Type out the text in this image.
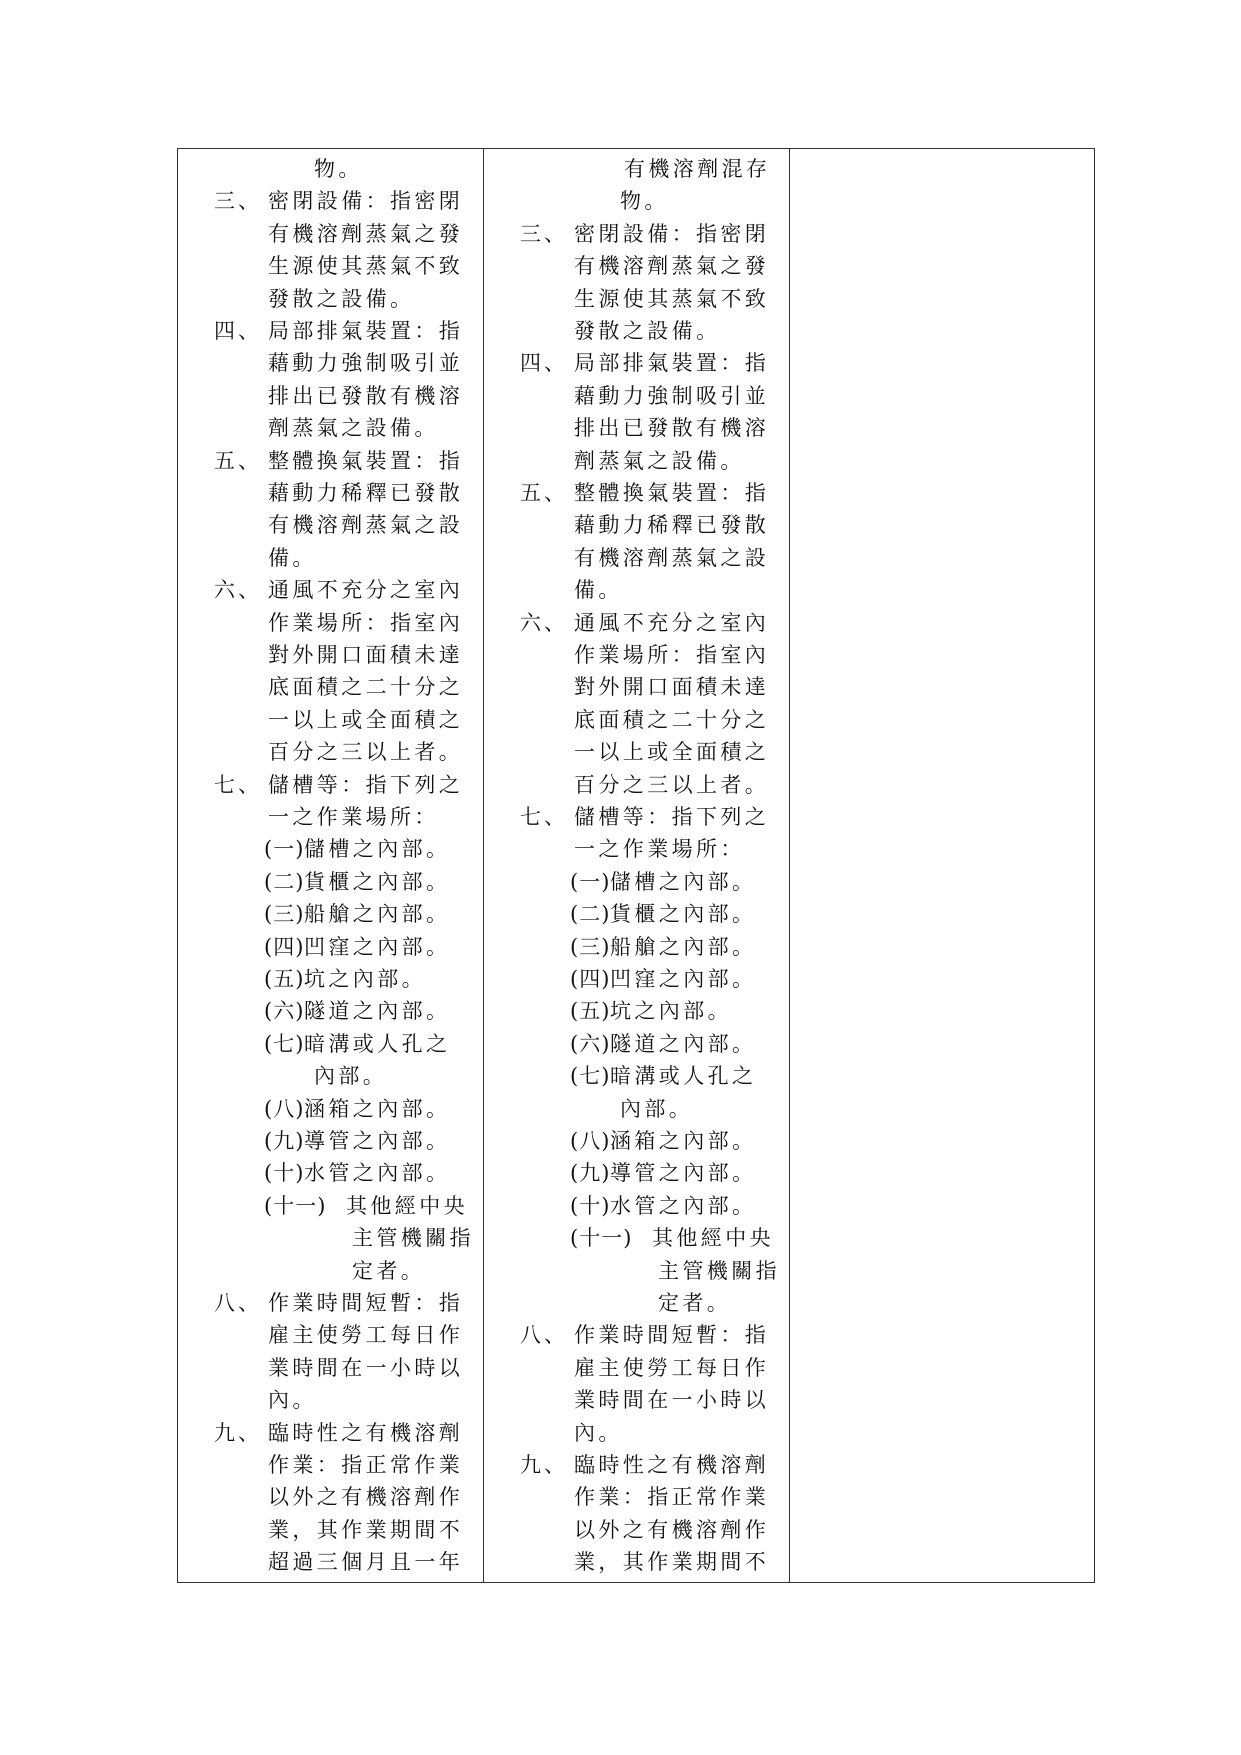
物。
三、 密閉設備：指密閉
有機溶劑蒸氣之發
生源使其蒸氣不致
發散之設備。
四、 局部排氣裝置：指
藉動力強制吸引並
排出已發散有機溶
劑蒸氣之設備。
五、 整體換氣裝置：指
藉動力稀釋已發散
有機溶劑蒸氣之設
備。
六、 通風不充分之室內
作業場所：指室內
對外開口面積未達
底面積之二十分之
一以上或全面積之
百分之三以上者。
七、 儲槽等：指下列之
一之作業場所：
(一) 儲槽之內部。
(二) 貨櫃之內部。
(三) 船艙之內部。
(四) 凹窪之內部。
(五) 坑之內部。
(六) 隧道之內部。
(七) 暗溝或人孔之
內部。
(八) 涵箱之內部。
(九) 導管之內部。
(十) 水管之內部。
(十一) 其他經中央
主管機關指
定者。
八、 作業時間短暫：指
雇主使勞工每日作
業時間在一小時以
內。
九、 臨時性之有機溶劑
作業：指正常作業
以外之有機溶劑作
業，其作業期間不
超過三個月且一年
有機溶劑混存
物。
三、 密閉設備：指密閉
有機溶劑蒸氣之發
生源使其蒸氣不致
發散之設備。
四、 局部排氣裝置：指
藉動力強制吸引並
排出已發散有機溶
劑蒸氣之設備。
五、 整體換氣裝置：指
藉動力稀釋已發散
有機溶劑蒸氣之設
備。
六、 通風不充分之室內
作業場所：指室內
對外開口面積未達
底面積之二十分之
一以上或全面積之
百分之三以上者。
七、 儲槽等：指下列之
一之作業場所：
(一) 儲槽之內部。
(二) 貨櫃之內部。
(三) 船艙之內部。
(四) 凹窪之內部。
(五) 坑之內部。
(六) 隧道之內部。
(七) 暗溝或人孔之
內部。
(八) 涵箱之內部。
(九) 導管之內部。
(十) 水管之內部。
(十一) 其他經中央
主管機關指
定者。
八、 作業時間短暫：指
雇主使勞工每日作
業時間在一小時以
內。
九、 臨時性之有機溶劑
作業：指正常作業
以外之有機溶劑作
業，其作業期間不
